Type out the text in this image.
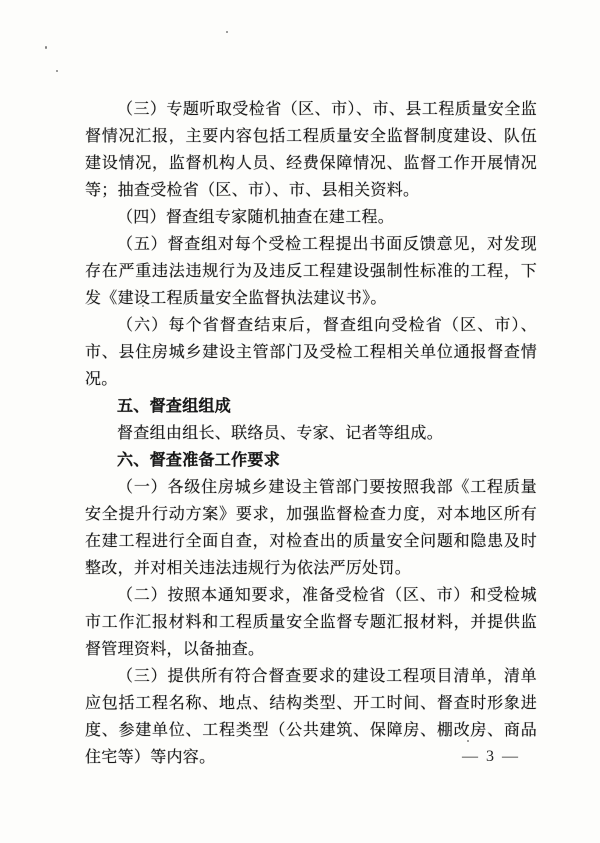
（三）专题听取受检省（区、市）、市、县工程质量安全监督情况汇报，主要内容包括工程质量安全监督制度建设、队伍建设情况，监督机构人员、经费保障情况、监督工作开展情况等；抽查受检省（区、市）、市、县相关资料。

（四）督查组专家随机抽查在建工程。

（五）督查组对每个受检工程提出书面反馈意见，对发现存在严重违法违规行为及违反工程建设强制性标准的工程，下发《建设工程质量安全监督执法建议书》。

（六）每个省督查结束后，督查组向受检省（区、市）、市、县住房城乡建设主管部门及受检工程相关单位通报督查情况。

五、督查组组成

督查组由组长、联络员、专家、记者等组成。

六、督查准备工作要求

（一）各级住房城乡建设主管部门要按照我部《工程质量安全提升行动方案》要求，加强监督检查力度，对本地区所有在建工程进行全面自查，对检查出的质量安全问题和隐患及时整改，并对相关违法违规行为依法严厉处罚。

（二）按照本通知要求，准备受检省（区、市）和受检城市工作汇报材料和工程质量安全监督专题汇报材料，并提供监督管理资料，以备抽查。

（三）提供所有符合督查要求的建设工程项目清单，清单应包括工程名称、地点、结构类型、开工时间、督查时形象进度、参建单位、工程类型（公共建筑、保障房、棚改房、商品住宅等）等内容。	— 3 —
